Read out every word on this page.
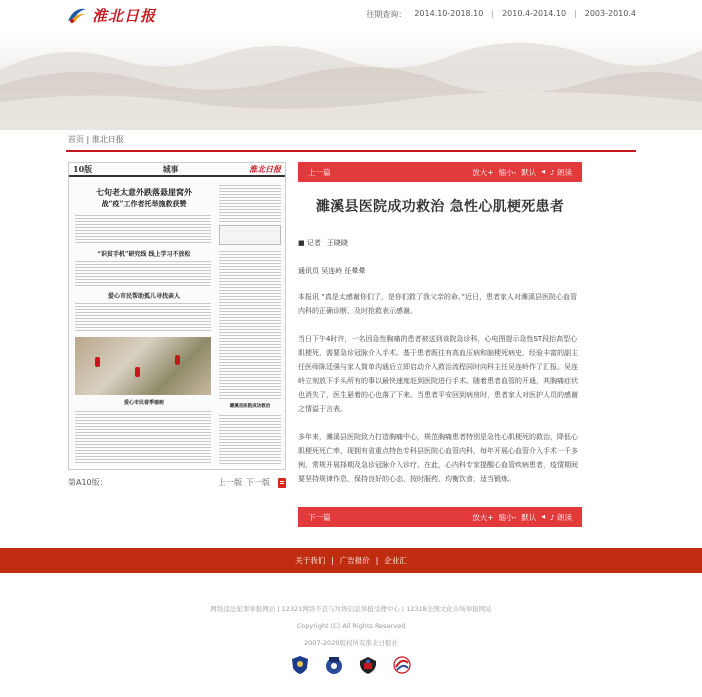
淮北日报	往期查询： 2014.10-2018.10 | 2010.4-2014.10 | 2003-2010.4
首页 | 淮北日报
10版	城事	淮北日报
七旬老太意外跌落悬崖窝外
战“疫”工作者托举施救获赞
“识贫手机”研究线 线上学习不放松
爱心市民帮助孤儿寻找亲人
爱心市民春季植树
濉溪县医院成功救治
第A10版：	上一版 下一版
上一篇	放大+ 缩小- 默认 ◀ ♪ 朗读
濉溪县医院成功救治 急性心肌梗死患者
■ 记者 王晓晓
通讯员 吴连岭 任晕晕

本报讯 “真是太感谢你们了，是你们救了我父亲的命。”近日，患者家人对濉溪县医院心血管内科的正确诊断、及时抢救表示感谢。

当日下午4时许，一名因急性胸痛的患者被送到该院急诊科，心电图提示急性ST段抬高型心肌梗死，需要急诊冠脉介入手术。基于患者既往有高血压病和脑梗死病史，经验丰富的副主任医师陈廷强与家人简单沟通后立即启动介入救治流程同时向科主任吴连岭作了汇报。吴连岭立刻放下手头所有的事以最快速度赶到医院进行手术。随着患者血管的开通，其胸痛症状也消失了，医生悬着的心也落了下来。当患者平安回到病房时，患者家人对医护人员的感谢之情溢于言表。

多年来，濉溪县医院致力打造胸痛中心，规范胸痛患者特别是急性心肌梗死的救治，降低心肌梗死死亡率，现拥有省重点特色专科县医院心血管内科，每年开展心血管介入手术一千多例，常规开展择期及急诊冠脉介入诊疗。在此，心内科专家提醒心血管疾病患者，疫情期间要坚持规律作息，保持良好的心态，按时服药，均衡饮食，适当锻炼。

下一篇	放大+ 缩小- 默认 ◀ ♪ 朗读
关于我们 | 广告报价 | 企业汇
网络违法犯罪举报网站 | 12321网络不良与垃圾信息举报受理中心 | 12318全国文化市场举报网站
Copyright (C) All Rights Reserved
2007-2020版权所有淮北日报社
